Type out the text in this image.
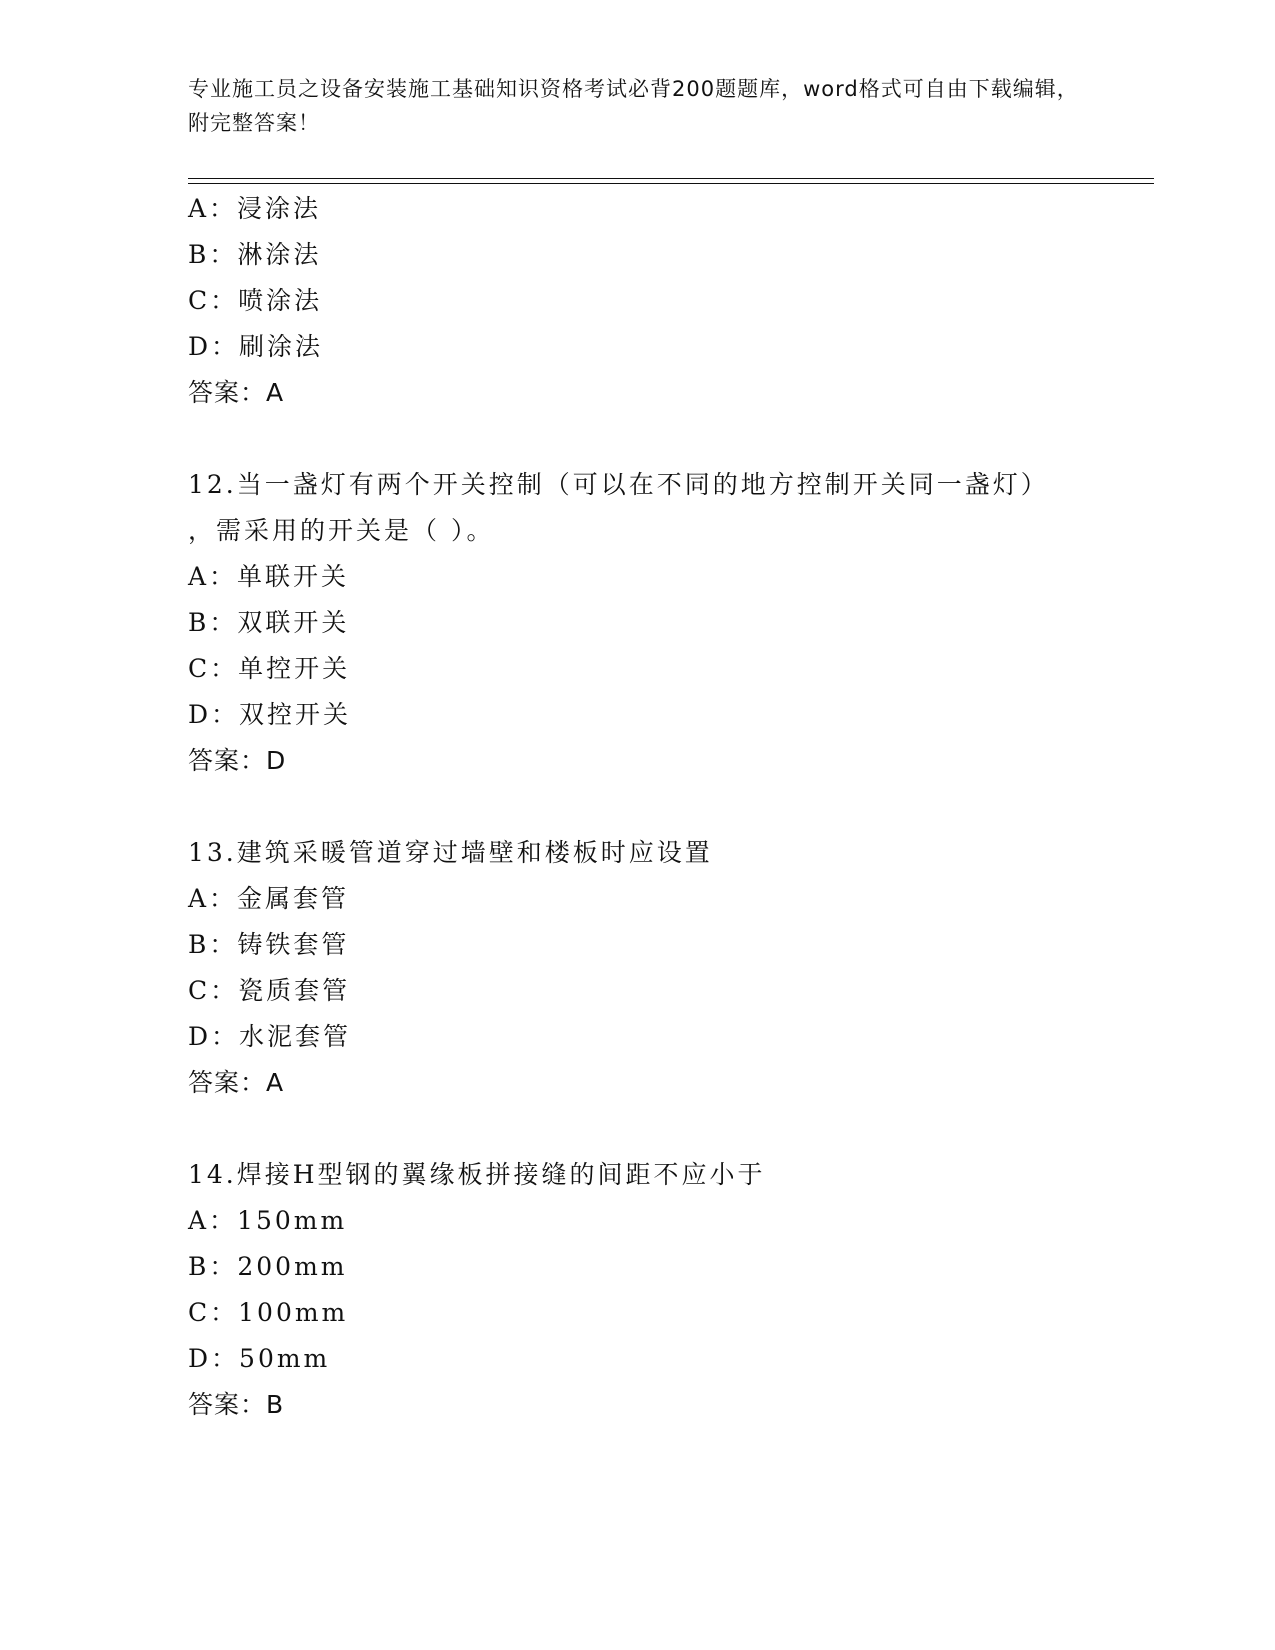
专业施工员之设备安装施工基础知识资格考试必背200题题库，word格式可自由下载编辑，附完整答案！
A：浸涂法
B：淋涂法
C：喷涂法
D：刷涂法
答案：A
12.当一盏灯有两个开关控制（可以在不同的地方控制开关同一盏灯）
，需采用的开关是（ ）。
A：单联开关
B：双联开关
C：单控开关
D：双控开关
答案：D
13.建筑采暖管道穿过墙壁和楼板时应设置
A：金属套管
B：铸铁套管
C：瓷质套管
D：水泥套管
答案：A
14.焊接H型钢的翼缘板拼接缝的间距不应小于
A：150mm
B：200mm
C：100mm
D：50mm
答案：B
